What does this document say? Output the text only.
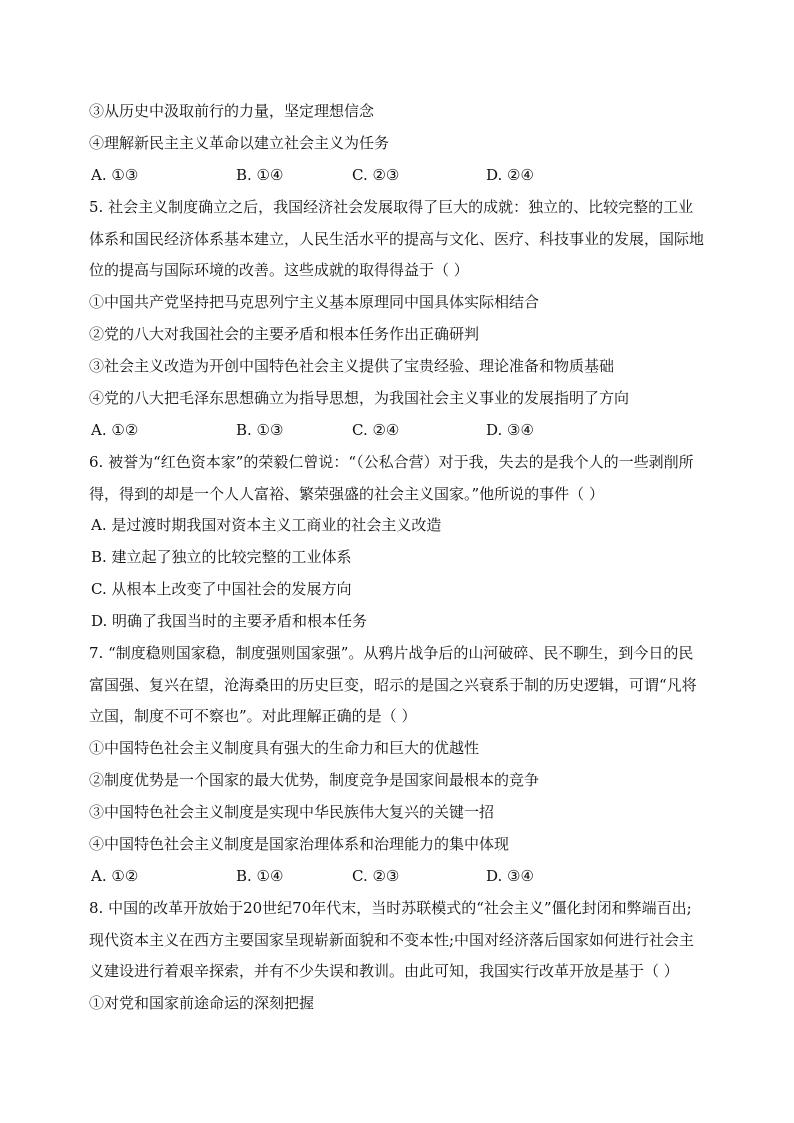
③从历史中汲取前行的力量，坚定理想信念
④理解新民主主义革命以建立社会主义为任务
A. ①③	B. ①④	C. ②③	D. ②④
5. 社会主义制度确立之后，我国经济社会发展取得了巨大的成就：独立的、比较完整的工业
体系和国民经济体系基本建立，人民生活水平的提高与文化、医疗、科技事业的发展，国际地
位的提高与国际环境的改善。这些成就的取得得益于（ ）
①中国共产党坚持把马克思列宁主义基本原理同中国具体实际相结合
②党的八大对我国社会的主要矛盾和根本任务作出正确研判
③社会主义改造为开创中国特色社会主义提供了宝贵经验、理论准备和物质基础
④党的八大把毛泽东思想确立为指导思想，为我国社会主义事业的发展指明了方向
A. ①②	B. ①③	C. ②④	D. ③④
6. 被誉为“红色资本家”的荣毅仁曾说：“（公私合营）对于我，失去的是我个人的一些剥削所
得，得到的却是一个人人富裕、繁荣强盛的社会主义国家。”他所说的事件（ ）
A. 是过渡时期我国对资本主义工商业的社会主义改造
B. 建立起了独立的比较完整的工业体系
C. 从根本上改变了中国社会的发展方向
D. 明确了我国当时的主要矛盾和根本任务
7. “制度稳则国家稳，制度强则国家强”。从鸦片战争后的山河破碎、民不聊生，到今日的民
富国强、复兴在望，沧海桑田的历史巨变，昭示的是国之兴衰系于制的历史逻辑，可谓“凡将
立国，制度不可不察也”。对此理解正确的是（ ）
①中国特色社会主义制度具有强大的生命力和巨大的优越性
②制度优势是一个国家的最大优势，制度竞争是国家间最根本的竞争
③中国特色社会主义制度是实现中华民族伟大复兴的关键一招
④中国特色社会主义制度是国家治理体系和治理能力的集中体现
A. ①②	B. ①④	C. ②③	D. ③④
8. 中国的改革开放始于20世纪70年代末，当时苏联模式的“社会主义”僵化封闭和弊端百出;
现代资本主义在西方主要国家呈现崭新面貌和不变本性;中国对经济落后国家如何进行社会主
义建设进行着艰辛探索，并有不少失误和教训。由此可知，我国实行改革开放是基于（ ）
①对党和国家前途命运的深刻把握
